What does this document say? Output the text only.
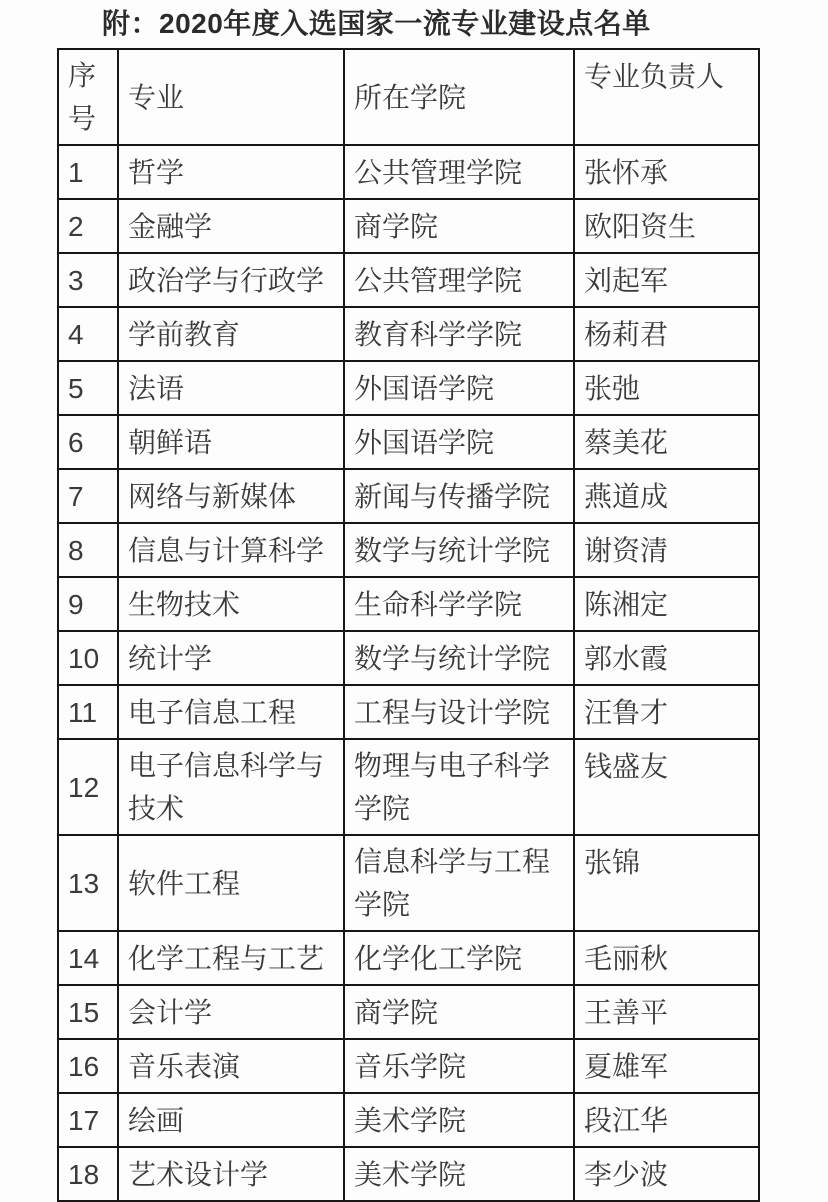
附：2020年度入选国家一流专业建设点名单
序号	专业	所在学院	专业负责人
1	哲学	公共管理学院	张怀承
2	金融学	商学院	欧阳资生
3	政治学与行政学	公共管理学院	刘起军
4	学前教育	教育科学学院	杨莉君
5	法语	外国语学院	张弛
6	朝鲜语	外国语学院	蔡美花
7	网络与新媒体	新闻与传播学院	燕道成
8	信息与计算科学	数学与统计学院	谢资清
9	生物技术	生命科学学院	陈湘定
10	统计学	数学与统计学院	郭水霞
11	电子信息工程	工程与设计学院	汪鲁才
12	电子信息科学与技术	物理与电子科学学院	钱盛友
13	软件工程	信息科学与工程学院	张锦
14	化学工程与工艺	化学化工学院	毛丽秋
15	会计学	商学院	王善平
16	音乐表演	音乐学院	夏雄军
17	绘画	美术学院	段江华
18	艺术设计学	美术学院	李少波
